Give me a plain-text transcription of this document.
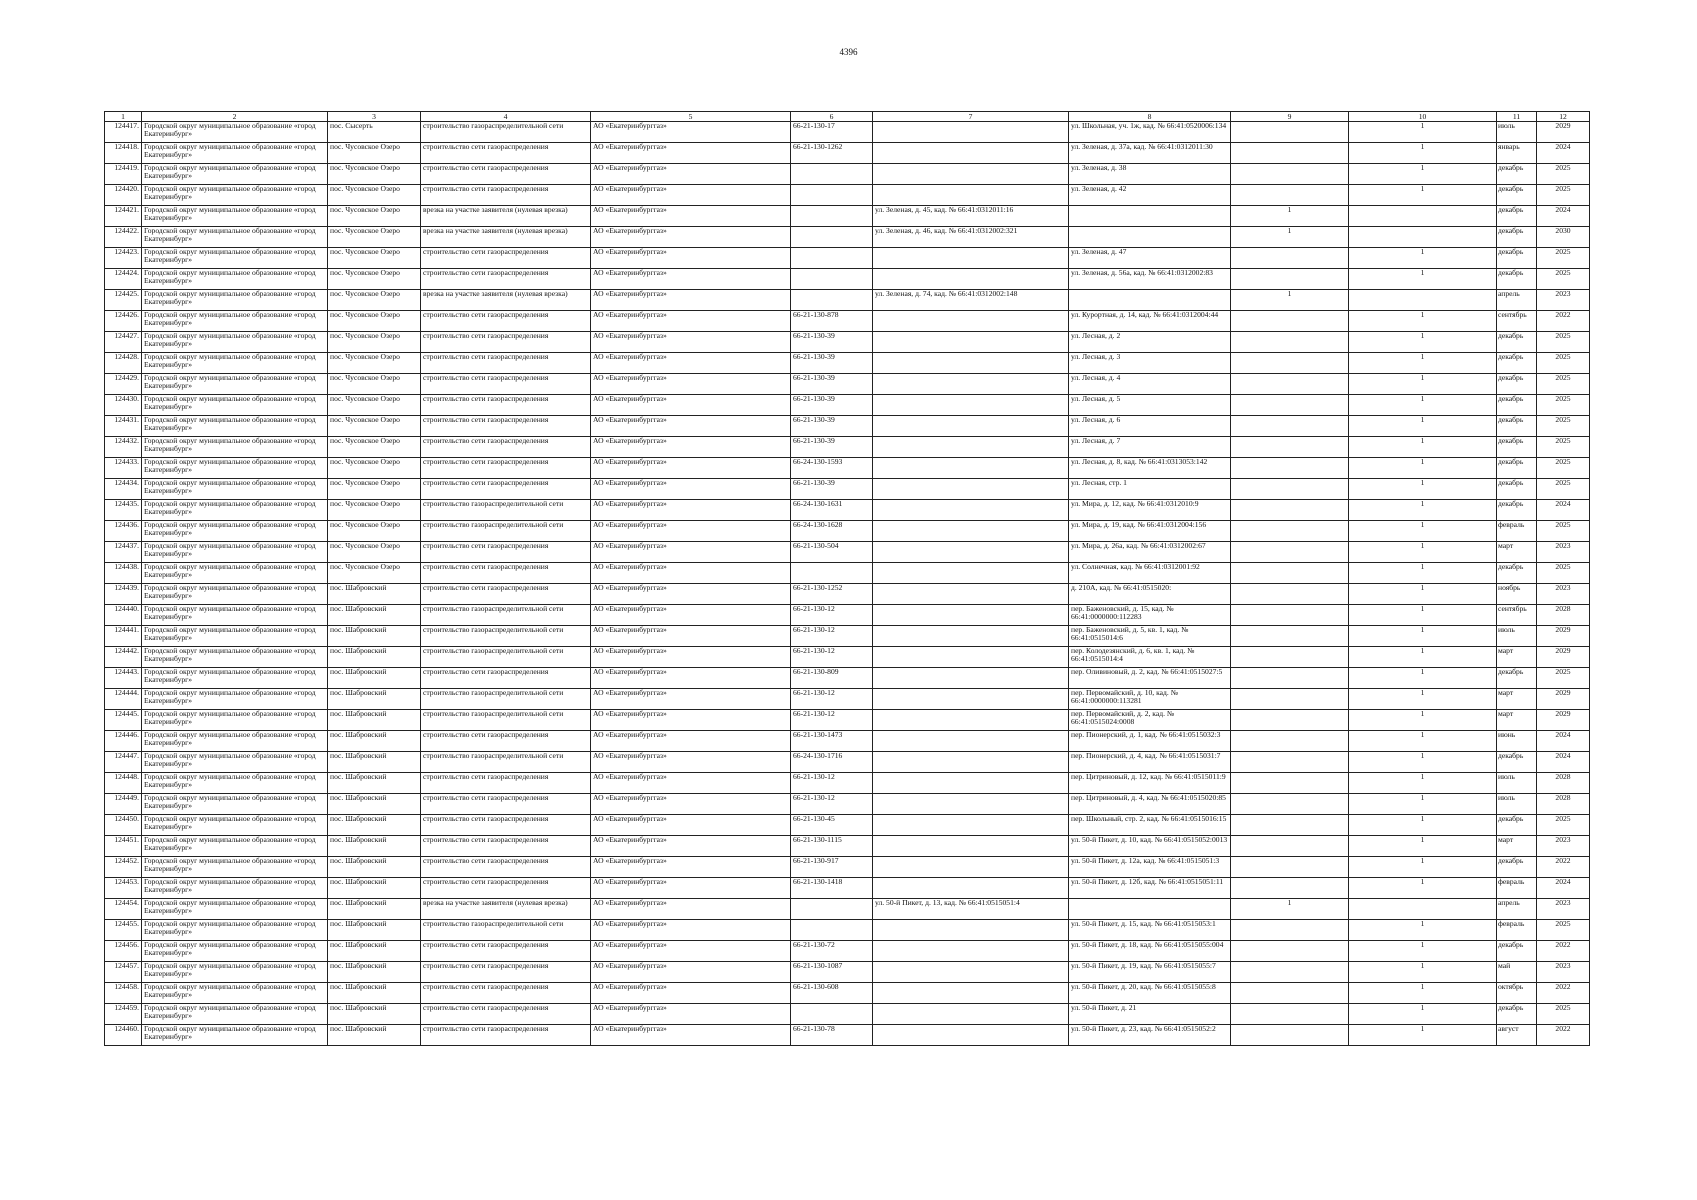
4396
1	2	3	4	5	6	7	8	9	10	11	12
124417.	Городской округ муниципальное образование «город Екатеринбург»	пос. Сысерть	строительство газораспределительной сети	АО «Екатеринбурггаз»	66-21-130-17		ул. Школьная, уч. 1ж, кад. № 66:41:0520006:134		1	июль	2029
124418.	Городской округ муниципальное образование «город Екатеринбург»	пос. Чусовское Озеро	строительство сети газораспределения	АО «Екатеринбурггаз»	66-21-130-1262		ул. Зеленая, д. 37а, кад. № 66:41:0312011:30		1	январь	2024
124419.	Городской округ муниципальное образование «город Екатеринбург»	пос. Чусовское Озеро	строительство сети газораспределения	АО «Екатеринбурггаз»			ул. Зеленая, д. 38		1	декабрь	2025
124420.	Городской округ муниципальное образование «город Екатеринбург»	пос. Чусовское Озеро	строительство сети газораспределения	АО «Екатеринбурггаз»			ул. Зеленая, д. 42		1	декабрь	2025
124421.	Городской округ муниципальное образование «город Екатеринбург»	пос. Чусовское Озеро	врезка на участке заявителя (нулевая врезка)	АО «Екатеринбурггаз»		ул. Зеленая, д. 45, кад. № 66:41:0312011:16		1		декабрь	2024
124422.	Городской округ муниципальное образование «город Екатеринбург»	пос. Чусовское Озеро	врезка на участке заявителя (нулевая врезка)	АО «Екатеринбурггаз»		ул. Зеленая, д. 46, кад. № 66:41:0312002:321		1		декабрь	2030
124423.	Городской округ муниципальное образование «город Екатеринбург»	пос. Чусовское Озеро	строительство сети газораспределения	АО «Екатеринбурггаз»			ул. Зеленая, д. 47		1	декабрь	2025
124424.	Городской округ муниципальное образование «город Екатеринбург»	пос. Чусовское Озеро	строительство сети газораспределения	АО «Екатеринбурггаз»			ул. Зеленая, д. 56а, кад. № 66:41:0312002:83		1	декабрь	2025
124425.	Городской округ муниципальное образование «город Екатеринбург»	пос. Чусовское Озеро	врезка на участке заявителя (нулевая врезка)	АО «Екатеринбурггаз»		ул. Зеленая, д. 74, кад. № 66:41:0312002:148		1		апрель	2023
124426.	Городской округ муниципальное образование «город Екатеринбург»	пос. Чусовское Озеро	строительство сети газораспределения	АО «Екатеринбурггаз»	66-21-130-878		ул. Курортная, д. 14, кад. № 66:41:0312004:44		1	сентябрь	2022
124427.	Городской округ муниципальное образование «город Екатеринбург»	пос. Чусовское Озеро	строительство сети газораспределения	АО «Екатеринбурггаз»	66-21-130-39		ул. Лесная, д. 2		1	декабрь	2025
124428.	Городской округ муниципальное образование «город Екатеринбург»	пос. Чусовское Озеро	строительство сети газораспределения	АО «Екатеринбурггаз»	66-21-130-39		ул. Лесная, д. 3		1	декабрь	2025
124429.	Городской округ муниципальное образование «город Екатеринбург»	пос. Чусовское Озеро	строительство сети газораспределения	АО «Екатеринбурггаз»	66-21-130-39		ул. Лесная, д. 4		1	декабрь	2025
124430.	Городской округ муниципальное образование «город Екатеринбург»	пос. Чусовское Озеро	строительство сети газораспределения	АО «Екатеринбурггаз»	66-21-130-39		ул. Лесная, д. 5		1	декабрь	2025
124431.	Городской округ муниципальное образование «город Екатеринбург»	пос. Чусовское Озеро	строительство сети газораспределения	АО «Екатеринбурггаз»	66-21-130-39		ул. Лесная, д. 6		1	декабрь	2025
124432.	Городской округ муниципальное образование «город Екатеринбург»	пос. Чусовское Озеро	строительство сети газораспределения	АО «Екатеринбурггаз»	66-21-130-39		ул. Лесная, д. 7		1	декабрь	2025
124433.	Городской округ муниципальное образование «город Екатеринбург»	пос. Чусовское Озеро	строительство сети газораспределения	АО «Екатеринбурггаз»	66-24-130-1593		ул. Лесная, д. 8, кад. № 66:41:0313053:142		1	декабрь	2025
124434.	Городской округ муниципальное образование «город Екатеринбург»	пос. Чусовское Озеро	строительство сети газораспределения	АО «Екатеринбурггаз»	66-21-130-39		ул. Лесная, стр. 1		1	декабрь	2025
124435.	Городской округ муниципальное образование «город Екатеринбург»	пос. Чусовское Озеро	строительство газораспределительной сети	АО «Екатеринбурггаз»	66-24-130-1631		ул. Мира, д. 12, кад. № 66:41:0312010:9		1	декабрь	2024
124436.	Городской округ муниципальное образование «город Екатеринбург»	пос. Чусовское Озеро	строительство газораспределительной сети	АО «Екатеринбурггаз»	66-24-130-1628		ул. Мира, д. 19, кад. № 66:41:0312004:156		1	февраль	2025
124437.	Городской округ муниципальное образование «город Екатеринбург»	пос. Чусовское Озеро	строительство сети газораспределения	АО «Екатеринбурггаз»	66-21-130-504		ул. Мира, д. 26а, кад. № 66:41:0312002:67		1	март	2023
124438.	Городской округ муниципальное образование «город Екатеринбург»	пос. Чусовское Озеро	строительство сети газораспределения	АО «Екатеринбурггаз»			ул. Солнечная, кад. № 66:41:0312001:92		1	декабрь	2025
124439.	Городской округ муниципальное образование «город Екатеринбург»	пос. Шабровский	строительство сети газораспределения	АО «Екатеринбурггаз»	66-21-130-1252		д. 210А, кад. № 66:41:0515020:		1	ноябрь	2023
124440.	Городской округ муниципальное образование «город Екатеринбург»	пос. Шабровский	строительство газораспределительной сети	АО «Екатеринбурггаз»	66-21-130-12		пер. Баженовский, д. 15, кад. № 66:41:0000000:112283		1	сентябрь	2028
124441.	Городской округ муниципальное образование «город Екатеринбург»	пос. Шабровский	строительство газораспределительной сети	АО «Екатеринбурггаз»	66-21-130-12		пер. Баженовский, д. 5, кв. 1, кад. № 66:41:0515014:6		1	июль	2029
124442.	Городской округ муниципальное образование «город Екатеринбург»	пос. Шабровский	строительство газораспределительной сети	АО «Екатеринбурггаз»	66-21-130-12		пер. Колодезянский, д. 6, кв. 1, кад. № 66:41:0515014:4		1	март	2029
124443.	Городской округ муниципальное образование «город Екатеринбург»	пос. Шабровский	строительство сети газораспределения	АО «Екатеринбурггаз»	66-21-130-809		пер. Оливиновый, д. 2, кад. № 66:41:0515027:5		1	декабрь	2025
124444.	Городской округ муниципальное образование «город Екатеринбург»	пос. Шабровский	строительство газораспределительной сети	АО «Екатеринбурггаз»	66-21-130-12		пер. Первомайский, д. 10, кад. № 66:41:0000000:113281		1	март	2029
124445.	Городской округ муниципальное образование «город Екатеринбург»	пос. Шабровский	строительство газораспределительной сети	АО «Екатеринбурггаз»	66-21-130-12		пер. Первомайский, д. 2, кад. № 66:41:0515024:0008		1	март	2029
124446.	Городской округ муниципальное образование «город Екатеринбург»	пос. Шабровский	строительство сети газораспределения	АО «Екатеринбурггаз»	66-21-130-1473		пер. Пионерский, д. 1, кад. № 66:41:0515032:3		1	июнь	2024
124447.	Городской округ муниципальное образование «город Екатеринбург»	пос. Шабровский	строительство газораспределительной сети	АО «Екатеринбурггаз»	66-24-130-1716		пер. Пионерский, д. 4, кад. № 66:41:0515031:7		1	декабрь	2024
124448.	Городской округ муниципальное образование «город Екатеринбург»	пос. Шабровский	строительство сети газораспределения	АО «Екатеринбурггаз»	66-21-130-12		пер. Цитриновый, д. 12, кад. № 66:41:0515011:9		1	июль	2028
124449.	Городской округ муниципальное образование «город Екатеринбург»	пос. Шабровский	строительство сети газораспределения	АО «Екатеринбурггаз»	66-21-130-12		пер. Цитриновый, д. 4, кад. № 66:41:0515020:85		1	июль	2028
124450.	Городской округ муниципальное образование «город Екатеринбург»	пос. Шабровский	строительство сети газораспределения	АО «Екатеринбурггаз»	66-21-130-45		пер. Школьный, стр. 2, кад. № 66:41:0515016:15		1	декабрь	2025
124451.	Городской округ муниципальное образование «город Екатеринбург»	пос. Шабровский	строительство сети газораспределения	АО «Екатеринбурггаз»	66-21-130-1115		ул. 50-й Пикет, д. 10, кад. № 66:41:0515052:0013		1	март	2023
124452.	Городской округ муниципальное образование «город Екатеринбург»	пос. Шабровский	строительство сети газораспределения	АО «Екатеринбурггаз»	66-21-130-917		ул. 50-й Пикет, д. 12а, кад. № 66:41:0515051:3		1	декабрь	2022
124453.	Городской округ муниципальное образование «город Екатеринбург»	пос. Шабровский	строительство сети газораспределения	АО «Екатеринбурггаз»	66-21-130-1418		ул. 50-й Пикет, д. 12б, кад. № 66:41:0515051:11		1	февраль	2024
124454.	Городской округ муниципальное образование «город Екатеринбург»	пос. Шабровский	врезка на участке заявителя (нулевая врезка)	АО «Екатеринбурггаз»		ул. 50-й Пикет, д. 13, кад. № 66:41:0515051:4		1		апрель	2023
124455.	Городской округ муниципальное образование «город Екатеринбург»	пос. Шабровский	строительство газораспределительной сети	АО «Екатеринбурггаз»			ул. 50-й Пикет, д. 15, кад. № 66:41:0515053:1		1	февраль	2025
124456.	Городской округ муниципальное образование «город Екатеринбург»	пос. Шабровский	строительство сети газораспределения	АО «Екатеринбурггаз»	66-21-130-72		ул. 50-й Пикет, д. 18, кад. № 66:41:0515055:004		1	декабрь	2022
124457.	Городской округ муниципальное образование «город Екатеринбург»	пос. Шабровский	строительство сети газораспределения	АО «Екатеринбурггаз»	66-21-130-1087		ул. 50-й Пикет, д. 19, кад. № 66:41:0515055:7		1	май	2023
124458.	Городской округ муниципальное образование «город Екатеринбург»	пос. Шабровский	строительство сети газораспределения	АО «Екатеринбурггаз»	66-21-130-608		ул. 50-й Пикет, д. 20, кад. № 66:41:0515055:8		1	октябрь	2022
124459.	Городской округ муниципальное образование «город Екатеринбург»	пос. Шабровский	строительство сети газораспределения	АО «Екатеринбурггаз»			ул. 50-й Пикет, д. 21		1	декабрь	2025
124460.	Городской округ муниципальное образование «город Екатеринбург»	пос. Шабровский	строительство сети газораспределения	АО «Екатеринбурггаз»	66-21-130-78		ул. 50-й Пикет, д. 23, кад. № 66:41:0515052:2		1	август	2022
